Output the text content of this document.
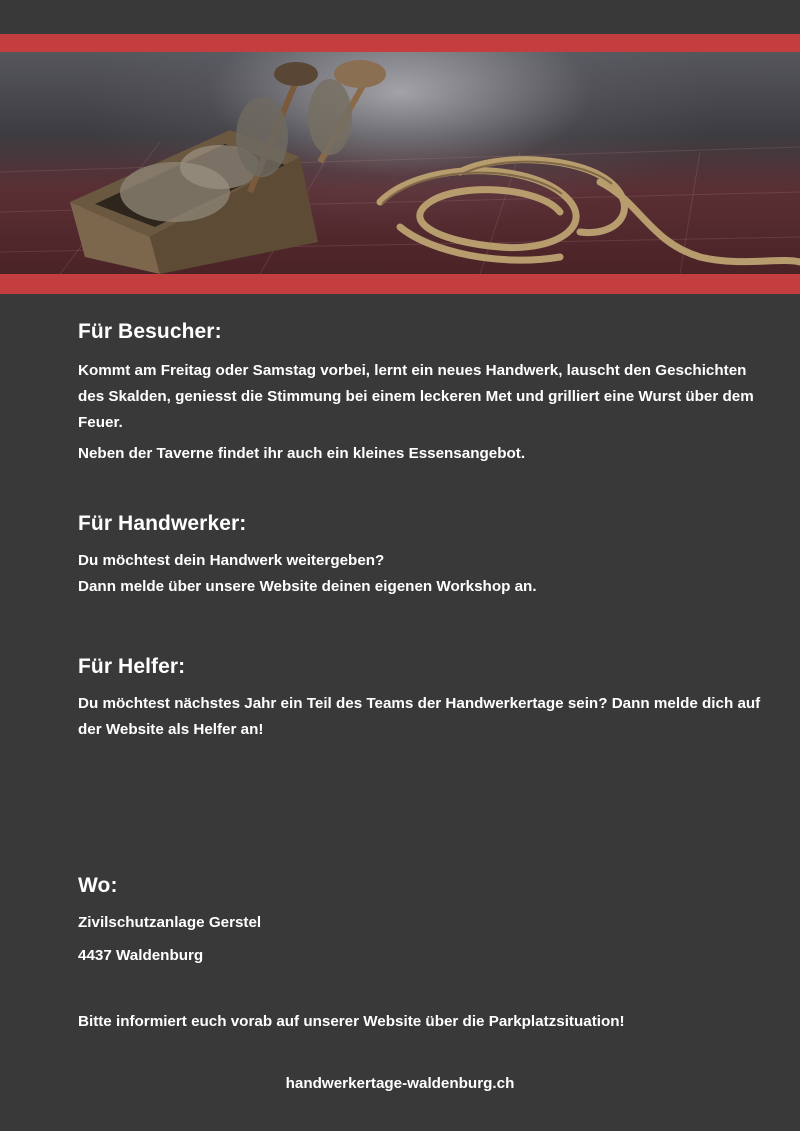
Für Besucher:

Kommt am Freitag oder Samstag vorbei, lernt ein neues Handwerk, lauscht den Geschichten des Skalden, geniesst die Stimmung bei einem leckeren Met und grilliert eine Wurst über dem Feuer.

Neben der Taverne findet ihr auch ein kleines Essensangebot.

Für Handwerker:

Du möchtest dein Handwerk weitergeben?

Dann melde über unsere Website deinen eigenen Workshop an.

Für Helfer:

Du möchtest nächstes Jahr ein Teil des Teams der Handwerkertage sein? Dann melde dich auf der Website als Helfer an!

Wo:

Zivilschutzanlage Gerstel

4437 Waldenburg

Bitte informiert euch vorab auf unserer Website über die Parkplatzsituation!

handwerkertage-waldenburg.ch
